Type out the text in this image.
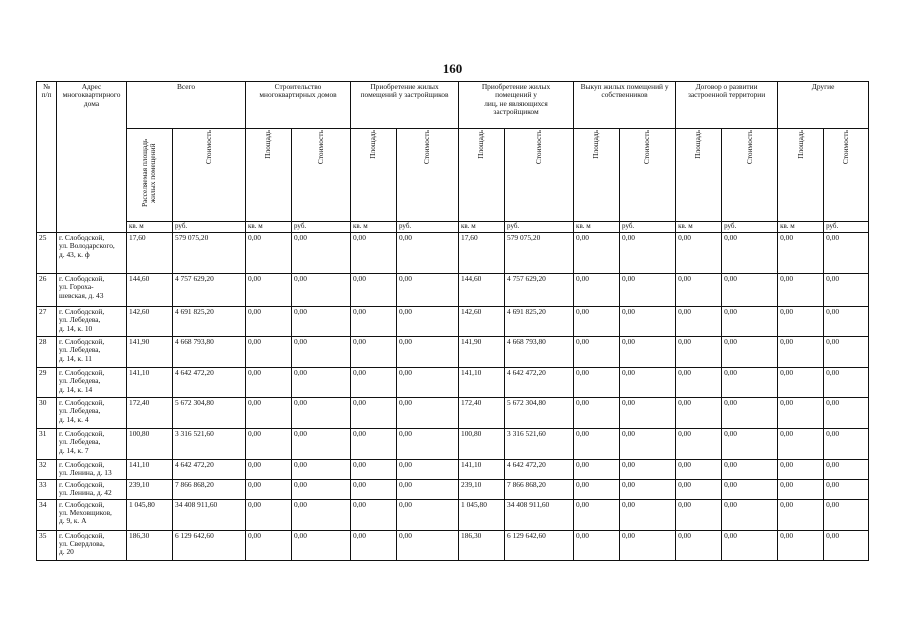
160
№
п/п	Адрес
многоквартирного
дома	Всего		Строительство
многоквартирных домов		Приобретение жилых
помещений у застройщиков		Приобретение жилых
помещений у
лиц, не являющихся
застройщиком		Выкуп жилых помещений у
собственников		Договор о развитии
застроенной территории		Другие	
		Расселяемая площадь жилых помещений	Стоимость	Площадь	Стоимость	Площадь	Стоимость	Площадь	Стоимость	Площадь	Стоимость	Площадь	Стоимость	Площадь	Стоимость
		кв. м	руб.	кв. м	руб.	кв. м	руб.	кв. м	руб.	кв. м	руб.	кв. м	руб.	кв. м	руб.
25	г. Слободской,
ул. Володарского,
д. 43, к. ф	17,60	579 075,20	0,00	0,00	0,00	0,00	17,60	579 075,20	0,00	0,00	0,00	0,00	0,00	0,00
26	г. Слободской,
ул. Гороха-
шевская, д. 43	144,60	4 757 629,20	0,00	0,00	0,00	0,00	144,60	4 757 629,20	0,00	0,00	0,00	0,00	0,00	0,00
27	г. Слободской,
ул. Лебедева,
д. 14, к. 10	142,60	4 691 825,20	0,00	0,00	0,00	0,00	142,60	4 691 825,20	0,00	0,00	0,00	0,00	0,00	0,00
28	г. Слободской,
ул. Лебедева,
д. 14, к. 11	141,90	4 668 793,80	0,00	0,00	0,00	0,00	141,90	4 668 793,80	0,00	0,00	0,00	0,00	0,00	0,00
29	г. Слободской,
ул. Лебедева,
д. 14, к. 14	141,10	4 642 472,20	0,00	0,00	0,00	0,00	141,10	4 642 472,20	0,00	0,00	0,00	0,00	0,00	0,00
30	г. Слободской,
ул. Лебедева,
д. 14, к. 4	172,40	5 672 304,80	0,00	0,00	0,00	0,00	172,40	5 672 304,80	0,00	0,00	0,00	0,00	0,00	0,00
31	г. Слободской,
ул. Лебедева,
д. 14, к. 7	100,80	3 316 521,60	0,00	0,00	0,00	0,00	100,80	3 316 521,60	0,00	0,00	0,00	0,00	0,00	0,00
32	г. Слободской,
ул. Ленина, д. 13	141,10	4 642 472,20	0,00	0,00	0,00	0,00	141,10	4 642 472,20	0,00	0,00	0,00	0,00	0,00	0,00
33	г. Слободской,
ул. Ленина, д. 42	239,10	7 866 868,20	0,00	0,00	0,00	0,00	239,10	7 866 868,20	0,00	0,00	0,00	0,00	0,00	0,00
34	г. Слободской,
ул. Меховщиков,
д. 9, к. А	1 045,80	34 408 911,60	0,00	0,00	0,00	0,00	1 045,80	34 408 911,60	0,00	0,00	0,00	0,00	0,00	0,00
35	г. Слободской,
ул. Свердлова,
д. 20	186,30	6 129 642,60	0,00	0,00	0,00	0,00	186,30	6 129 642,60	0,00	0,00	0,00	0,00	0,00	0,00
